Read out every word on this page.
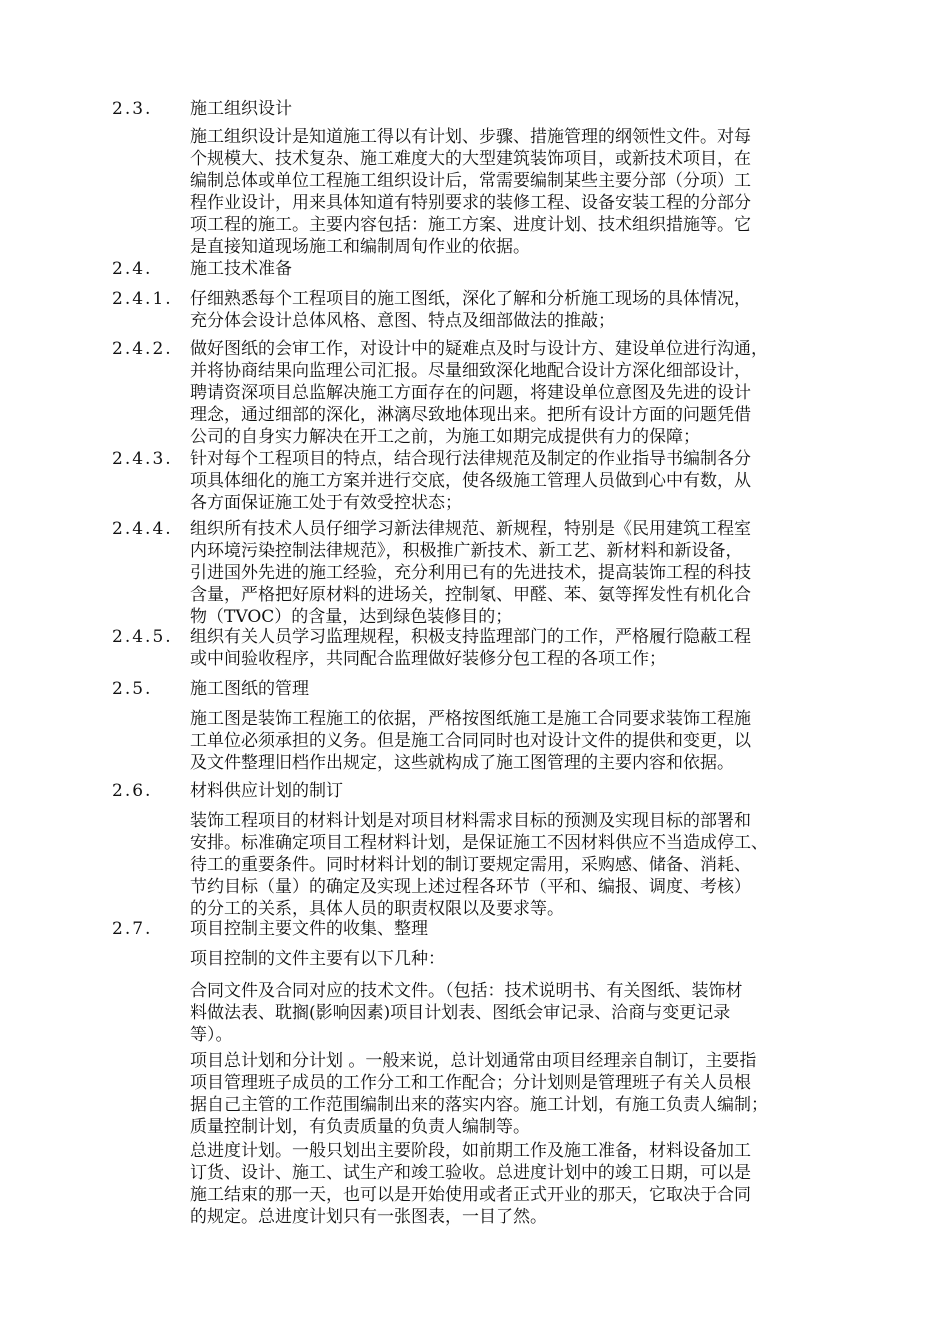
2.3. 施工组织设计
施工组织设计是知道施工得以有计划、步骤、措施管理的纲领性文件。对每
个规模大、技术复杂、施工难度大的大型建筑装饰项目，或新技术项目，在
编制总体或单位工程施工组织设计后，常需要编制某些主要分部（分项）工
程作业设计，用来具体知道有特别要求的装修工程、设备安装工程的分部分
项工程的施工。主要内容包括：施工方案、进度计划、技术组织措施等。它
是直接知道现场施工和编制周旬作业的依据。
2.4. 施工技术准备
2.4.1. 仔细熟悉每个工程项目的施工图纸，深化了解和分析施工现场的具体情况，
充分体会设计总体风格、意图、特点及细部做法的推敲；
2.4.2. 做好图纸的会审工作，对设计中的疑难点及时与设计方、建设单位进行沟通，
并将协商结果向监理公司汇报。尽量细致深化地配合设计方深化细部设计，
聘请资深项目总监解决施工方面存在的问题，将建设单位意图及先进的设计
理念，通过细部的深化，淋漓尽致地体现出来。把所有设计方面的问题凭借
公司的自身实力解决在开工之前，为施工如期完成提供有力的保障；
2.4.3. 针对每个工程项目的特点，结合现行法律规范及制定的作业指导书编制各分
项具体细化的施工方案并进行交底，使各级施工管理人员做到心中有数，从
各方面保证施工处于有效受控状态；
2.4.4. 组织所有技术人员仔细学习新法律规范、新规程，特别是《民用建筑工程室
内环境污染控制法律规范》，积极推广新技术、新工艺、新材料和新设备，
引进国外先进的施工经验，充分利用已有的先进技术，提高装饰工程的科技
含量，严格把好原材料的进场关，控制氡、甲醛、苯、氨等挥发性有机化合
物（TVOC）的含量，达到绿色装修目的；
2.4.5. 组织有关人员学习监理规程，积极支持监理部门的工作，严格履行隐蔽工程
或中间验收程序，共同配合监理做好装修分包工程的各项工作；
2.5. 施工图纸的管理
施工图是装饰工程施工的依据，严格按图纸施工是施工合同要求装饰工程施
工单位必须承担的义务。但是施工合同同时也对设计文件的提供和变更，以
及文件整理旧档作出规定，这些就构成了施工图管理的主要内容和依据。
2.6. 材料供应计划的制订
装饰工程项目的材料计划是对项目材料需求目标的预测及实现目标的部署和
安排。标准确定项目工程材料计划，是保证施工不因材料供应不当造成停工、
待工的重要条件。同时材料计划的制订要规定需用，采购感、储备、消耗、
节约目标（量）的确定及实现上述过程各环节（平和、编报、调度、考核）
的分工的关系，具体人员的职责权限以及要求等。
2.7. 项目控制主要文件的收集、整理
项目控制的文件主要有以下几种：
合同文件及合同对应的技术文件。（包括：技术说明书、有关图纸、装饰材
料做法表、耽搁(影响因素)项目计划表、图纸会审记录、洽商与变更记录
等）。
项目总计划和分计划 。一般来说，总计划通常由项目经理亲自制订，主要指
项目管理班子成员的工作分工和工作配合；分计划则是管理班子有关人员根
据自己主管的工作范围编制出来的落实内容。施工计划，有施工负责人编制；
质量控制计划，有负责质量的负责人编制等。
总进度计划。一般只划出主要阶段，如前期工作及施工准备，材料设备加工
订货、设计、施工、试生产和竣工验收。总进度计划中的竣工日期，可以是
施工结束的那一天，也可以是开始使用或者正式开业的那天，它取决于合同
的规定。总进度计划只有一张图表，一目了然。
